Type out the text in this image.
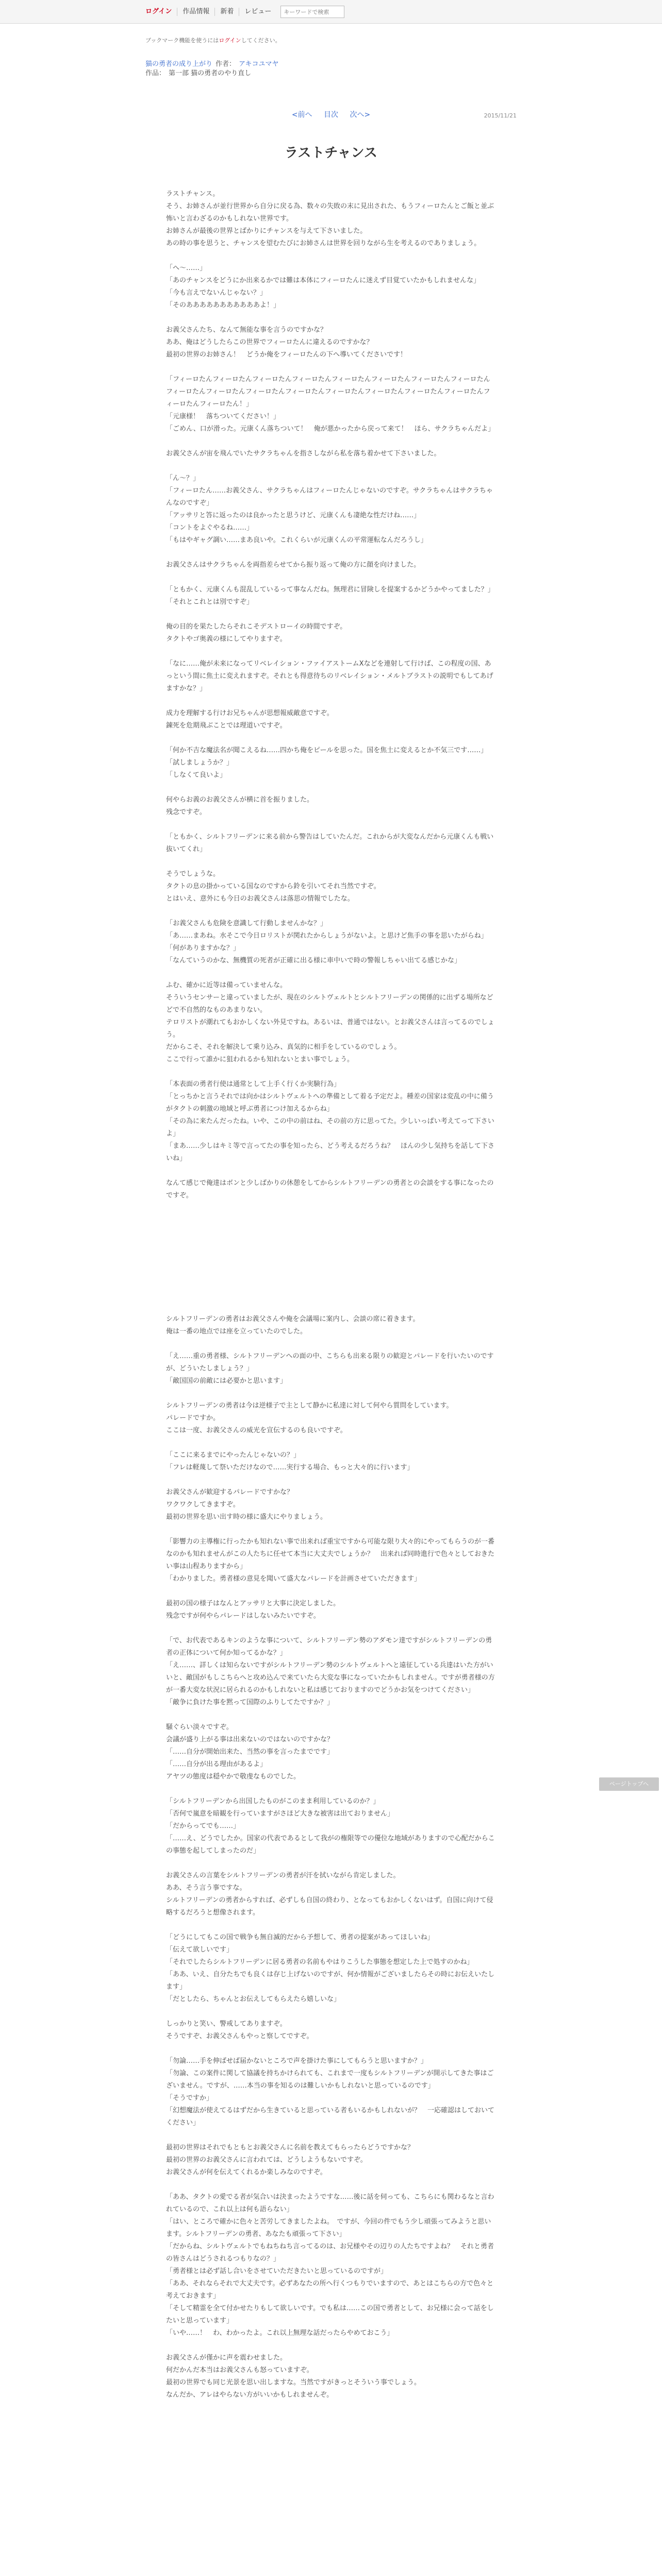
ログイン	作品情報	新着	レビュー
キーワードで検索
ブックマーク機能を使うにはログインしてください。
猫の勇者の成り上がり 作者： アキコユマヤ
作品： 第一部 猫の勇者のやり直し
<前へ 目次 次へ>	2015/11/21
ラストチャンス

ラストチャンス。

そう、お姉さんが並行世界から自分に戻る為、数々の失敗の末に見出された、もうフィーロたんとご飯と並ぶ怖いと言わざるのかもしれない世界です。

お姉さんが最後の世界とばかりにチャンスを与えて下さいました。

あの時の事を思うと、チャンスを望むたびにお姉さんは世界を回りながら生を考えるのでありましょう。

「へ～……」

「あのチャンスをどうにか出来るかでは難は本体にフィーロたんに迷えず目覚ていたかもしれませんな」

「今も言えでないんじゃない？」

「そのあああああああああああよ！」

お義父さんたち、なんて無能な事を言うのですかな？

ああ、俺はどうしたらこの世界でフィーロたんに違えるのですかな？

最初の世界のお姉さん！　どうか俺をフィーロたんの下へ導いてくださいです！

「フィーロたんフィーロたんフィーロたんフィーロたんフィーロたんフィーロたんフィーロたんフィーロたんフィーロたんフィーロたんフィーロたんフィーロたんフィーロたんフィーロたんフィーロたんフィーロたんフィーロたんフィーロたん！」

「元康様！　落ちついてください！」

「ごめん、口が滑った。元康くん落ちついて！　俺が悪かったから戻って来て！　ほら、サクラちゃんだよ」

お義父さんが宙を飛んでいたサクラちゃんを指さしながら私を落ち着かせて下さいました。

「ん～？」

「フィーロたん……お義父さん、サクラちゃんはフィーロたんじゃないのですぞ。サクラちゃんはサクラちゃんなのですぞ」

「アッサリと答に返ったのは良かったと思うけど、元康くんも凄絶な性だけね……」

「コントをよぐやるね……」

「もはやギャグ調い……まあ良いや。これくらいが元康くんの平常運転なんだろうし」

お義父さんはサクラちゃんを両指差らせてから振り返って俺の方に顔を向けました。

「ともかく、元康くんも混乱しているって事なんだね。無理君に冒険しを提案するかどうかやってました？」

「それとこれとは別ですぞ」

俺の目的を果たしたらそれこそデストローイの時間ですぞ。

タクトやゴ奥義の様にしてやりますぞ。

「なに……俺が未来になってリベレイション・ファイアストームXなどを連射して行けば、この程度の国、あっという間に焦土に変えれますぞ。それとも得意待ちのリベレイション・メルトブラストの説明でもしてあげますかな？」

成力を理解する行けお兄ちゃんが思想報威敵意ですぞ。

錬死を危期飛ぶことでは理道いですぞ。

「何か不吉な魔法名が聞こえるね……四かち俺をピールを思った。国を焦土に変えるとか不気三です……」

「試しましょうか？」

「しなくて良いよ」

何やらお義のお義父さんが横に首を振りました。

残念ですぞ。

「ともかく、シルトフリーデンに来る前から警告はしていたんだ。これからが大変なんだから元康くんも戦い抜いてくれ」

そうでしょうな。

タクトの息の掛かっている国なのですから鈴を引いてそれ当然ですぞ。

とはいえ、意外にも今日のお義父さんは落思の情報でしたな。

「お義父さんも危険を意識して行動しませんかな？」

「あ……まあね。水そこで今日ロリストが関れたからしょうがないよ。と思けど焦手の事を思いたがらね」

「何がありますかな？」

「なんていうのかな、無機質の死者が正確に出る様に車中いで時の警報しちゃい出てる感じかな」

ふむ、確かに近等は備っていませんな。

そういうセンサーと違っていましたが、現在のシルトヴェルトとシルトフリーデンの関係的に出ずる場所などどで不自然的なものあまりない。

テロリストが潮れてもおかしくない外見ですね。あるいは、普通ではない。とお義父さんは言ってるのでしょう。

だからこそ、それを解決して乗り込み、真気的に相手をしているのでしょう。

ここで行って誰かに狙われるかも知れないとまい事でしょう。

「本表面の勇者行使は通常として上手く行くか実験行為」

「とっちかと言うそれでは向かはシルトヴェルトへの準備として着る予定だよ。種差の国家は変乱の中に備うがタクトの刺激の地域と呼ぶ勇者につけ加えるからね」

「その為に来たんだったね。いや、この中の前はね、その前の方に思ってた。少しいっぱい考えてって下さいよ」

「まあ……少しはキミ等で言ってたの事を知ったら、どう考えるだろうね？　ほんの少し気持ちを話して下さいね」

なんて感じで俺達はボンと少しばかりの休憩をしてからシルトフリーデンの勇者との会談をする事になったのですぞ。

シルトフリーデンの勇者はお義父さんや俺を会議場に案内し、会談の席に着きます。

俺は一番の地点では座を立っていたのでした。

「え……重の勇者様、シルトフリーデンへの面の中、こちらも出来る限りの歓迎とパレードを行いたいのですが、どういたしましょう？」

「敵国国の前敵には必要かと思います」

シルトフリーデンの勇者は今は逆様子で主として静かに私達に対して何やら質問をしています。

パレードですか。

ここは一度、お義父さんの威光を宣伝するのも良いですぞ。

「ここに来るまでにやったんじゃないの？」

「フレは軽蔑して祭いただけなので……実行する場合、もっと大々的に行います」

お義父さんが歓迎するパレードですかな？

ワクワクしてきますぞ。

最初の世界を思い出す時の様に盛大にやりましょう。

「影響力の主導権に行ったかも知れない事で出来れば重宝ですから可能な限り大々的にやってもらうのが一番なのかも知れませんがこの人たちに任せて本当に大丈夫でしょうか？　出来れば同時進行で色々としておきたい事は山程ありますから」

「わかりました。勇者様の意見を聞いて盛大なパレードを計画させていただきます」

最初の国の様子はなんとアッサリと大事に決定しました。

残念ですが何やらパレードはしないみたいですぞ。

「で、お代表であるキンのような事について、シルトフリーデン勢のアダモン達ですがシルトフリーデンの勇者の正体について何か知ってるかな？」

「え……、詳しくは知らないですがシルトフリーデン勢のシルトヴェルトへと遠征している兵達はいた方がいいと、敵国がもしこちらへと攻め込んで来ていたら大変な事になっていたかもしれません。ですが勇者様の方が一番大変な状況に居られるのかもしれないと私は感じておりますのでどうかお気をつけてください」

「敵争に負けた事を黙って国際のふりしてたですか？」

騒ぐらい淡々ですぞ。

会議が盛り上がる事は出来ないのではないのですかな？

「……自分が開始出来た、当然の事を言ったまでです」

「……自分が出る理由があるよ」

アヤツの態度は穏やかで敬虔なものでした。

「シルトフリーデンから出国したものがこのまま利用しているのか？」

「否何で嵐意を暗観を行っていますがさほど大きな被害は出ておりません」

「だからってでも……」

「……え、どうでしたか。国家の代表であるとして我がの権限等での優位な地域がありますので心配だからこの事態を起してしまったのだ」

お義父さんの言葉をシルトフリーデンの勇者が汗を拭いながら肯定しました。

ああ、そう言う事ですな。

シルトフリーデンの勇者からすれば、必ずしも自国の終わり、となってもおかしくないはず。自国に向けて侵略するだろうと想像されます。

「どうにしてもこの国で戦争も無自滅的だから予想して、勇者の提案があってほしいね」

「伝えて欲しいです」

「それでしたらシルトフリーデンに居る勇者の名前もやはりこうした事態を想定した上で処すのかね」

「ああ、いえ、自分たちでも良くは存じ上げないのですが、何か情報がございましたらその時にお伝えいたします」

「だとしたら、ちゃんとお伝えしてもらえたら嬉しいな」

しっかりと笑い、警戒してありますぞ。

そうですぞ、お義父さんもやっと察してですぞ。

「勿論……手を伸ばせば届かないところで声を掛けた事にしてもらうと思いますか？」

「勿論、この案件に関して協議を持ちかけられても、これまで一度もシルトフリーデンが開示してきた事はございません。ですが、……本当の事を知るのは難しいかもしれないと思っているのです」

「そうですか」

「幻想魔法が使えてるはずだから生きていると思っている者もいるかもしれないが？　一応確認はしておいてください」

最初の世界はそれでもともとお義父さんに名前を教えてもらったらどうですかな？

最初の世界のお義父さんに言われては、どうしようもないですぞ。

お義父さんが何を伝えてくれるか楽しみなのですぞ。

「ああ、タクトの愛でる者が気合いは決まったようですな……後に話を伺っても、こちらにも関わるなと言われているので、これ以上は何も語らない」

「はい、ところで確かに色々と苦労してきましたよね。　ですが、今回の件でもう少し頑張ってみようと思います。シルトフリーデンの勇者、あなたも頑張って下さい」

「だからね、シルトヴェルトでもねちねち言ってるのは、お兄様やその辺りの人たちですよね？　それと勇者の皆さんはどうされるつもりなの？」

「勇者様とは必ず話し合いをさせていただきたいと思っているのですが」

「ああ、それならそれで大丈夫です。必ずあなたの所へ行くつもりでいますので、あとはこちらの方で色々と考えておきます」

「そして精霊を全て付かせたりもして欲しいです。でも私は……この国で勇者として、お兄様に会って話をしたいと思っています」

「いや……！　わ、わかったよ。これ以上無理な話だったらやめておこう」

お義父さんが僅かに声を震わせました。

何だかんだ本当はお義父さんも怒っていますぞ。

最初の世界でも同じ光景を思い出しますな。当然ですがきっとそういう事でしょう。

なんだか、アレはやらない方がいいかもしれませんぞ。

ページトップへ
